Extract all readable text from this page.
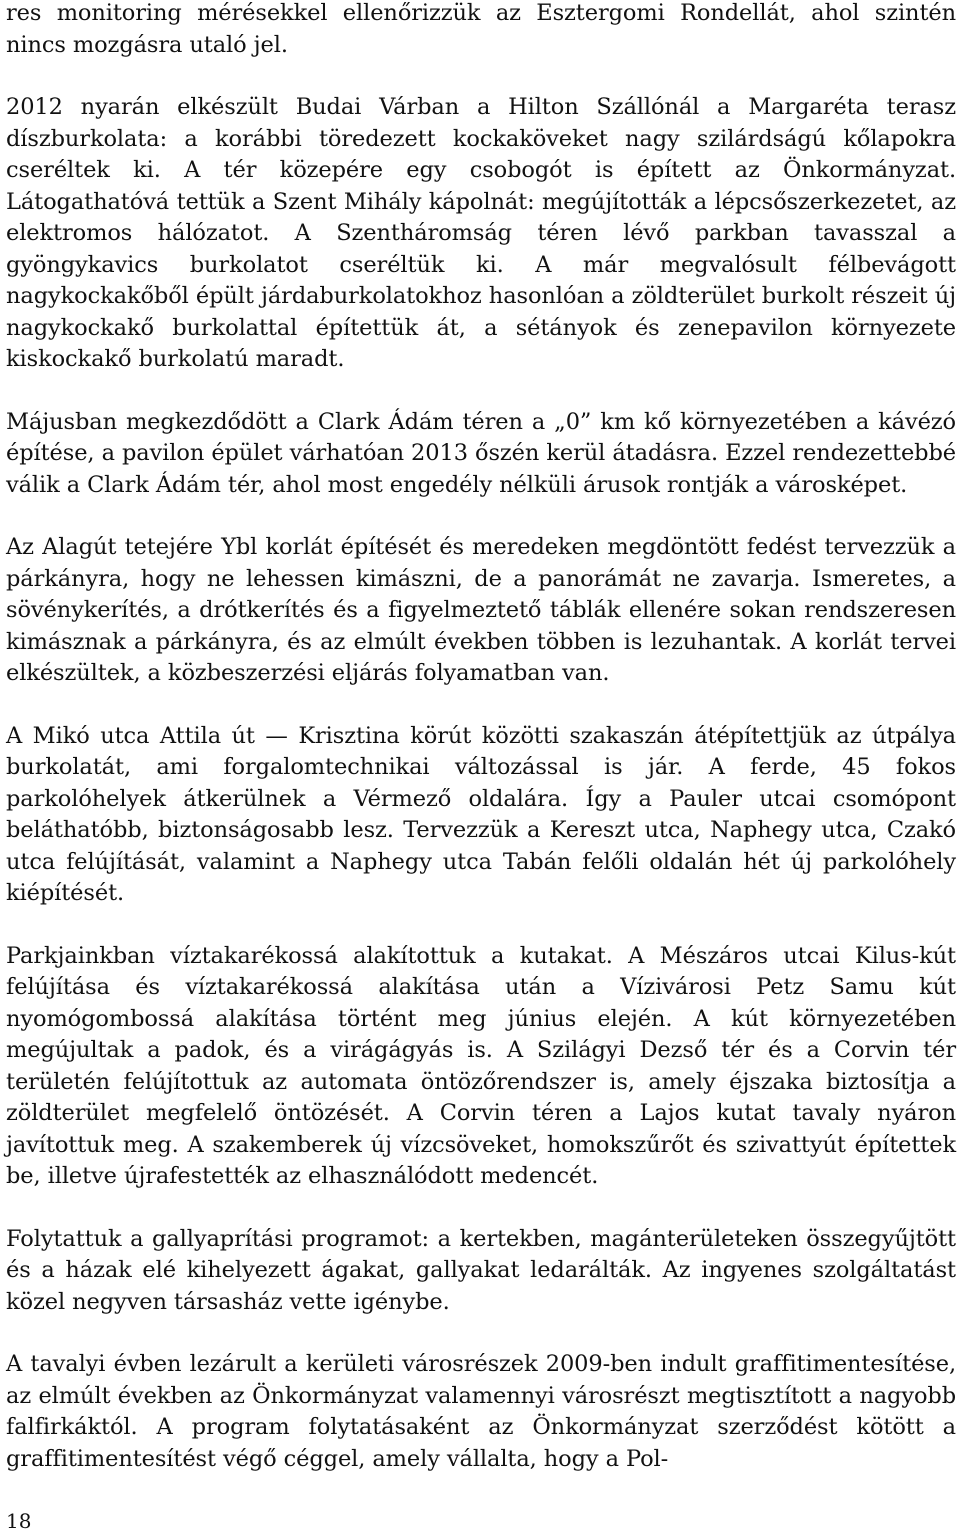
res monitoring mérésekkel ellenőrizzük az Esztergomi Rondellát, ahol szintén nincs mozgásra utaló jel.

2012 nyarán elkészült Budai Várban a Hilton Szállónál a Margaréta terasz díszburkolata: a korábbi töredezett kockaköveket nagy szilárdságú kőlapokra cseréltek ki. A tér közepére egy csobogót is épített az Önkormányzat. Látogathatóvá tettük a Szent Mihály kápolnát: megújították a lépcsőszerkezetet, az elektromos hálózatot. A Szentháromság téren lévő parkban tavasszal a gyöngykavics burkolatot cseréltük ki. A már megvalósult félbevágott nagykockakőből épült járdaburkolatokhoz hasonlóan a zöldterület burkolt részeit új nagykockakő burkolattal építettük át, a sétányok és zenepavilon környezete kiskockakő burkolatú maradt.

Májusban megkezdődött a Clark Ádám téren a „0” km kő környezetében a kávézó építése, a pavilon épület várhatóan 2013 őszén kerül átadásra. Ezzel rendezettebbé válik a Clark Ádám tér, ahol most engedély nélküli árusok rontják a városképet.

Az Alagút tetejére Ybl korlát építését és meredeken megdöntött fedést tervezzük a párkányra, hogy ne lehessen kimászni, de a panorámát ne zavarja. Ismeretes, a sövénykerítés, a drótkerítés és a figyelmeztető táblák ellenére sokan rendszeresen kimásznak a párkányra, és az elmúlt években többen is lezuhantak. A korlát tervei elkészültek, a közbeszerzési eljárás folyamatban van.

A Mikó utca Attila út — Krisztina körút közötti szakaszán átépítettjük az útpálya burkolatát, ami forgalomtechnikai változással is jár. A ferde, 45 fokos parkolóhelyek átkerülnek a Vérmező oldalára. Így a Pauler utcai csomópont beláthatóbb, biztonságosabb lesz. Tervezzük a Kereszt utca, Naphegy utca, Czakó utca felújítását, valamint a Naphegy utca Tabán felőli oldalán hét új parkolóhely kiépítését.

Parkjainkban víztakarékossá alakítottuk a kutakat. A Mészáros utcai Kilus-kút felújítása és víztakarékossá alakítása után a Vízivárosi Petz Samu kút nyomógombossá alakítása történt meg június elején. A kút környezetében megújultak a padok, és a virágágyás is. A Szilágyi Dezső tér és a Corvin tér területén felújítottuk az automata öntözőrendszer is, amely éjszaka biztosítja a zöldterület megfelelő öntözését. A Corvin téren a Lajos kutat tavaly nyáron javítottuk meg. A szakemberek új vízcsöveket, homokszűrőt és szivattyút építettek be, illetve újrafestették az elhasználódott medencét.

Folytattuk a gallyaprítási programot: a kertekben, magánterületeken összegyűjtött és a házak elé kihelyezett ágakat, gallyakat ledarálták. Az ingyenes szolgáltatást közel negyven társasház vette igénybe.

A tavalyi évben lezárult a kerületi városrészek 2009-ben indult graffitimentesítése, az elmúlt években az Önkormányzat valamennyi városrészt megtisztított a nagyobb falfirkáktól. A program folytatásaként az Önkormányzat szerződést kötött a graffitimentesítést végő céggel, amely vállalta, hogy a Pol-

18
